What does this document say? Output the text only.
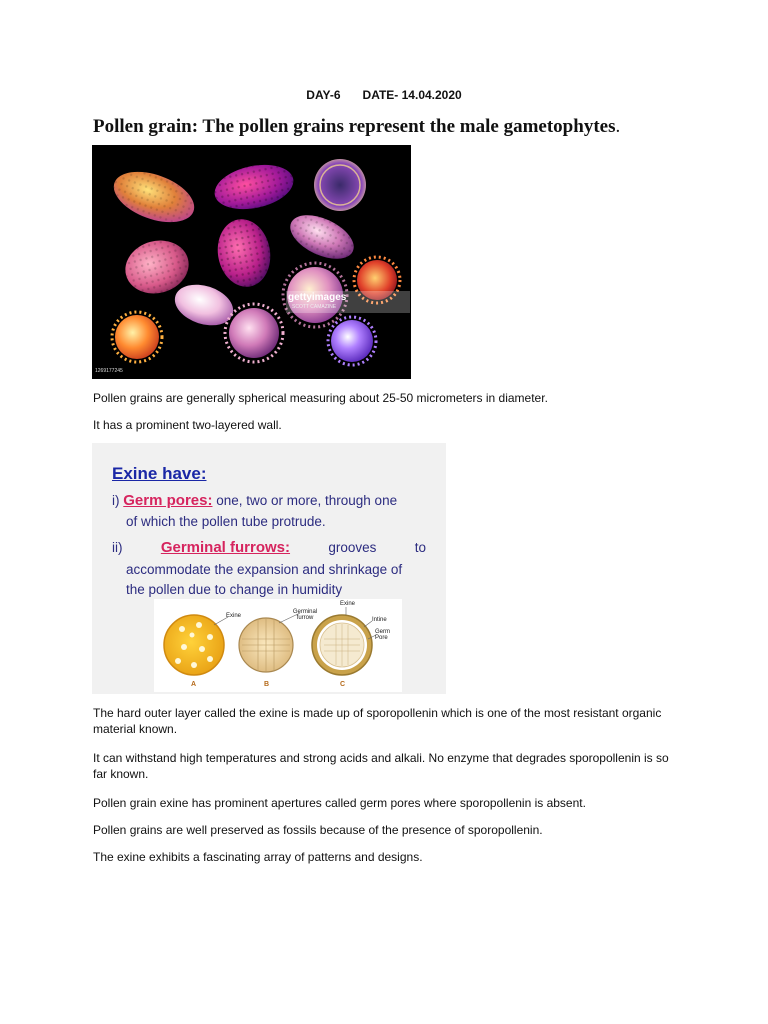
DAY-6 DATE- 14.04.2020
Pollen grain: The pollen grains represent the male gametophytes.
gettyimages
SCOTT CAMAZINE
1269177245
Pollen grains are generally spherical measuring about 25-50 micrometers in diameter.
It has a prominent two-layered wall.
Exine have:
i) Germ pores: one, two or more, through one
of which the pollen tube protrude.
ii)	Germinal furrows:	grooves	to
accommodate the expansion and shrinkage of
the pollen due to change in humidity
Exine
Germinal furrow
Exine
Intine
Germ Pore
A	B	C
The hard outer layer called the exine is made up of sporopollenin which is one of the most resistant organic material known.
It can withstand high temperatures and strong acids and alkali. No enzyme that degrades sporopollenin is so far known.
Pollen grain exine has prominent apertures called germ pores where sporopollenin is absent.
Pollen grains are well preserved as fossils because of the presence of sporopollenin.
The exine exhibits a fascinating array of patterns and designs.
